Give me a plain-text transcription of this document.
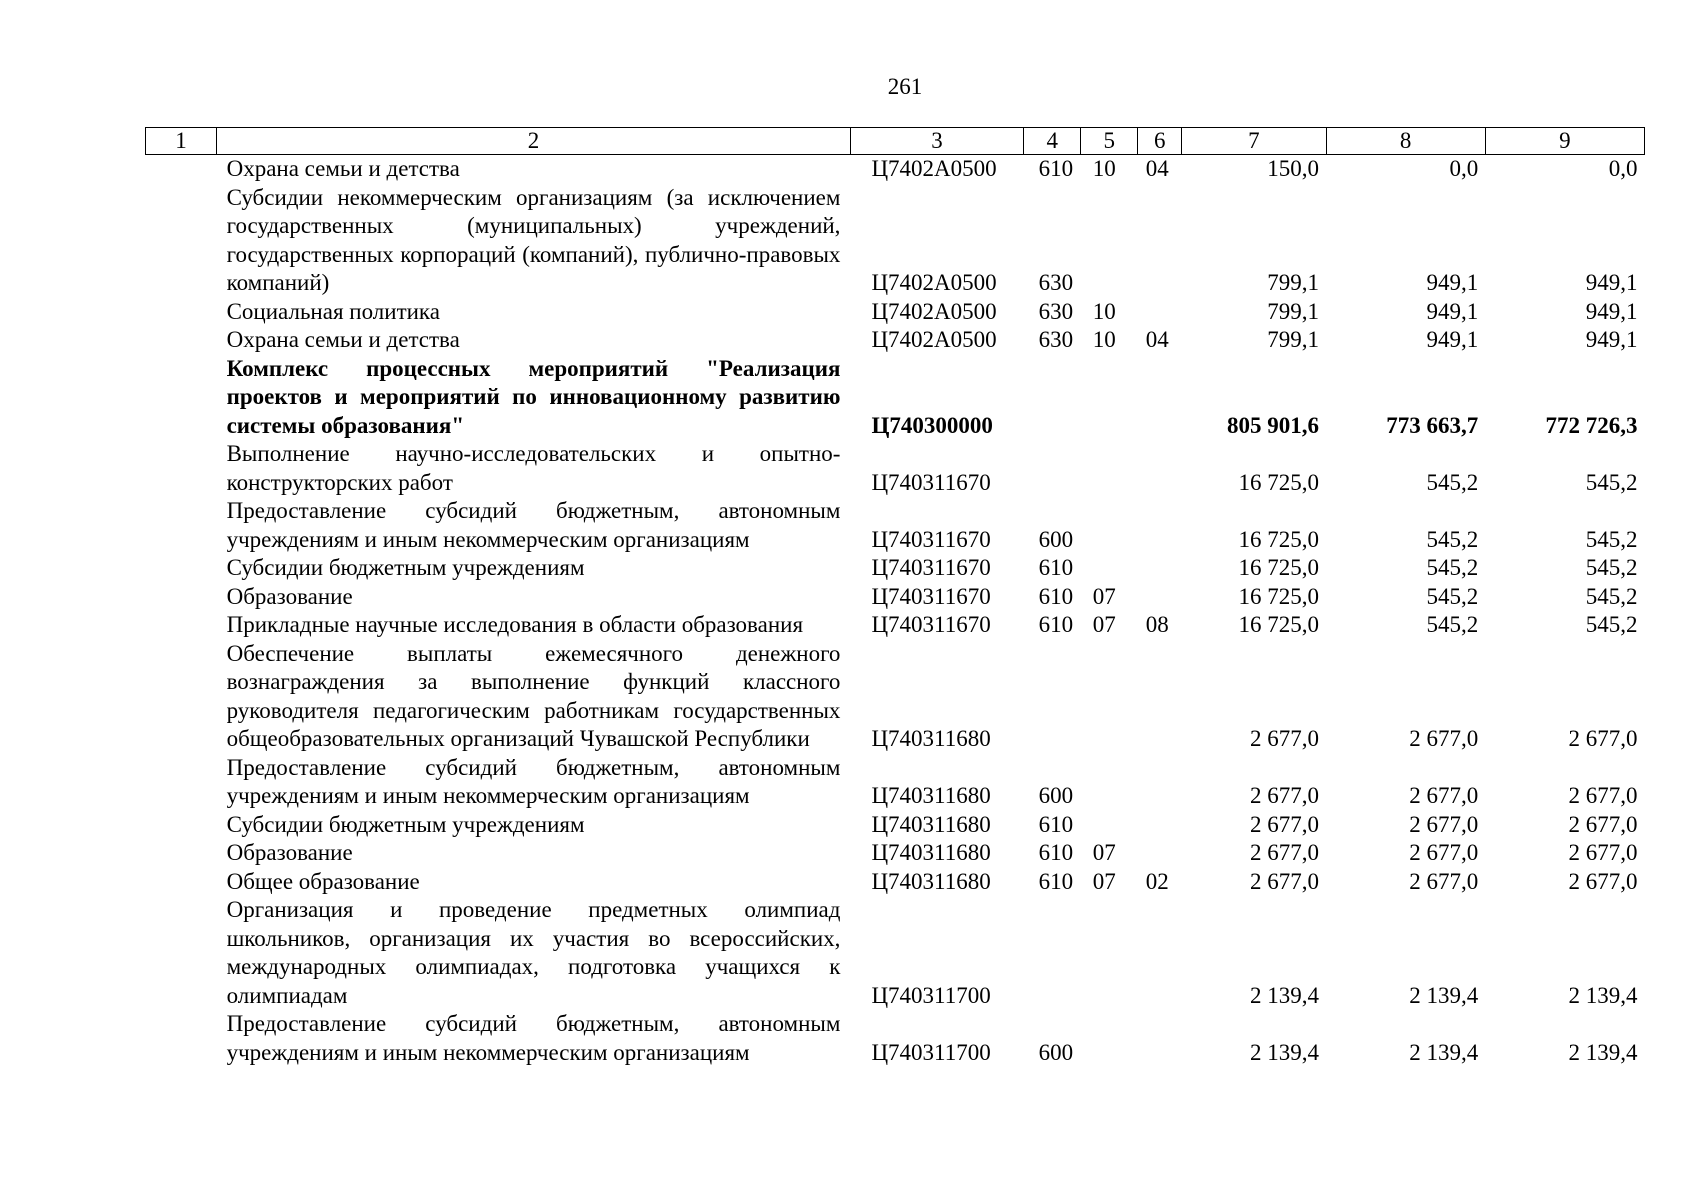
261
1	2	3	4	5	6	7	8	9
	Охрана семьи и детства	Ц7402А0500	610	10	04	150,0	0,0	0,0
	Субсидии некоммерческим организациям (за исключением государственных (муниципальных) учреждений, государственных корпораций (компаний), публично-правовых компаний)	Ц7402А0500	630			799,1	949,1	949,1
	Социальная политика	Ц7402А0500	630	10		799,1	949,1	949,1
	Охрана семьи и детства	Ц7402А0500	630	10	04	799,1	949,1	949,1
	Комплекс процессных мероприятий "Реализация проектов и мероприятий по инновационному развитию системы образования"	Ц740300000				805 901,6	773 663,7	772 726,3
	Выполнение научно-исследовательских и опытно-конструкторских работ	Ц740311670				16 725,0	545,2	545,2
	Предоставление субсидий бюджетным, автономным учреждениям и иным некоммерческим организациям	Ц740311670	600			16 725,0	545,2	545,2
	Субсидии бюджетным учреждениям	Ц740311670	610			16 725,0	545,2	545,2
	Образование	Ц740311670	610	07		16 725,0	545,2	545,2
	Прикладные научные исследования в области образования	Ц740311670	610	07	08	16 725,0	545,2	545,2
	Обеспечение выплаты ежемесячного денежного вознаграждения за выполнение функций классного руководителя педагогическим работникам государственных общеобразовательных организаций Чувашской Республики	Ц740311680				2 677,0	2 677,0	2 677,0
	Предоставление субсидий бюджетным, автономным учреждениям и иным некоммерческим организациям	Ц740311680	600			2 677,0	2 677,0	2 677,0
	Субсидии бюджетным учреждениям	Ц740311680	610			2 677,0	2 677,0	2 677,0
	Образование	Ц740311680	610	07		2 677,0	2 677,0	2 677,0
	Общее образование	Ц740311680	610	07	02	2 677,0	2 677,0	2 677,0
	Организация и проведение предметных олимпиад школьников, организация их участия во всероссийских, международных олимпиадах, подготовка учащихся к олимпиадам	Ц740311700				2 139,4	2 139,4	2 139,4
	Предоставление субсидий бюджетным, автономным учреждениям и иным некоммерческим организациям	Ц740311700	600			2 139,4	2 139,4	2 139,4
